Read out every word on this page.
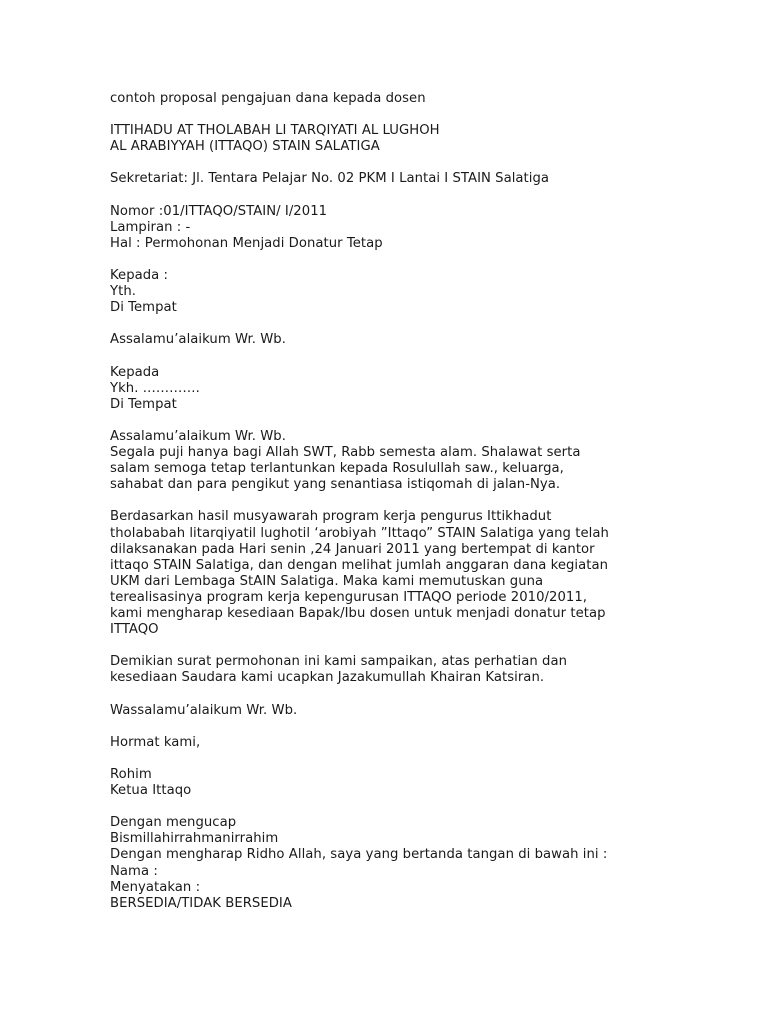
contoh proposal pengajuan dana kepada dosen
ITTIHADU AT THOLABAH LI TARQIYATI AL LUGHOH
AL ARABIYYAH (ITTAQO) STAIN SALATIGA
Sekretariat: Jl. Tentara Pelajar No. 02 PKM I Lantai I STAIN Salatiga
Nomor :01/ITTAQO/STAIN/ I/2011
Lampiran : -
Hal : Permohonan Menjadi Donatur Tetap
Kepada :
Yth.
Di Tempat
Assalamu’alaikum Wr. Wb.
Kepada
Ykh. ………….
Di Tempat
Assalamu’alaikum Wr. Wb.
Segala puji hanya bagi Allah SWT, Rabb semesta alam. Shalawat serta
salam semoga tetap terlantunkan kepada Rosulullah saw., keluarga,
sahabat dan para pengikut yang senantiasa istiqomah di jalan-Nya.
Berdasarkan hasil musyawarah program kerja pengurus Ittikhadut
tholababah litarqiyatil lughotil ‘arobiyah ”Ittaqo” STAIN Salatiga yang telah
dilaksanakan pada Hari senin ,24 Januari 2011 yang bertempat di kantor
ittaqo STAIN Salatiga, dan dengan melihat jumlah anggaran dana kegiatan
UKM dari Lembaga StAIN Salatiga. Maka kami memutuskan guna
terealisasinya program kerja kepengurusan ITTAQO periode 2010/2011,
kami mengharap kesediaan Bapak/Ibu dosen untuk menjadi donatur tetap
ITTAQO
Demikian surat permohonan ini kami sampaikan, atas perhatian dan
kesediaan Saudara kami ucapkan Jazakumullah Khairan Katsiran.
Wassalamu’alaikum Wr. Wb.
Hormat kami,
Rohim
Ketua Ittaqo
Dengan mengucap
Bismillahirrahmanirrahim
Dengan mengharap Ridho Allah, saya yang bertanda tangan di bawah ini :
Nama :
Menyatakan :
BERSEDIA/TIDAK BERSEDIA
